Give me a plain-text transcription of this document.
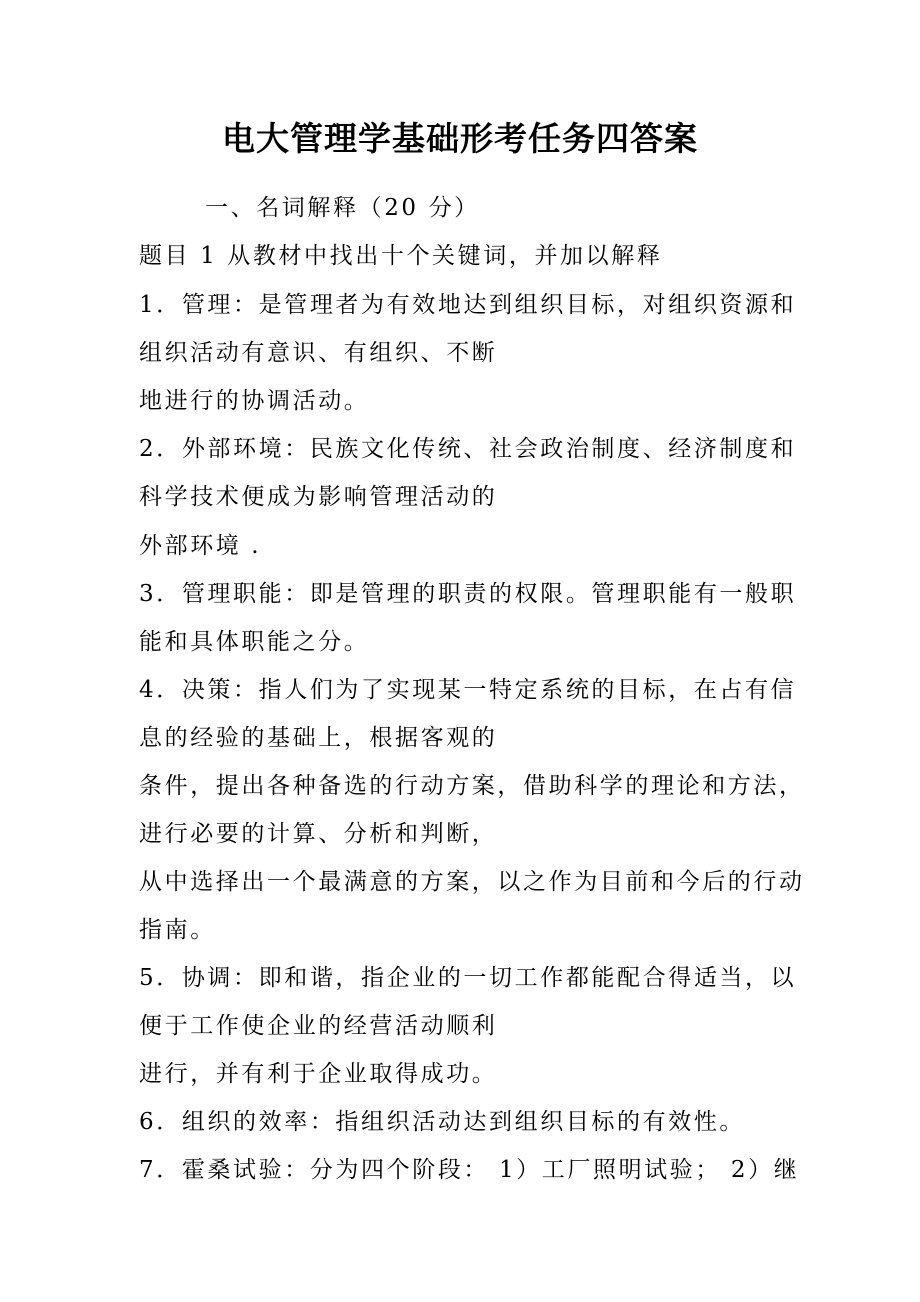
电大管理学基础形考任务四答案

一、名词解释（20 分）

题目 1 从教材中找出十个关键词，并加以解释

1．管理：是管理者为有效地达到组织目标，对组织资源和

组织活动有意识、有组织、不断

地进行的协调活动。

2．外部环境：民族文化传统、社会政治制度、经济制度和

科学技术便成为影响管理活动的

外部环境 .

3．管理职能：即是管理的职责的权限。管理职能有一般职

能和具体职能之分。

4．决策：指人们为了实现某一特定系统的目标，在占有信

息的经验的基础上，根据客观的

条件，提出各种备选的行动方案，借助科学的理论和方法，

进行必要的计算、分析和判断，

从中选择出一个最满意的方案，以之作为目前和今后的行动

指南。

5．协调：即和谐，指企业的一切工作都能配合得适当，以

便于工作使企业的经营活动顺利

进行，并有利于企业取得成功。

6．组织的效率：指组织活动达到组织目标的有效性。

7．霍桑试验：分为四个阶段： 1）工厂照明试验； 2）继
